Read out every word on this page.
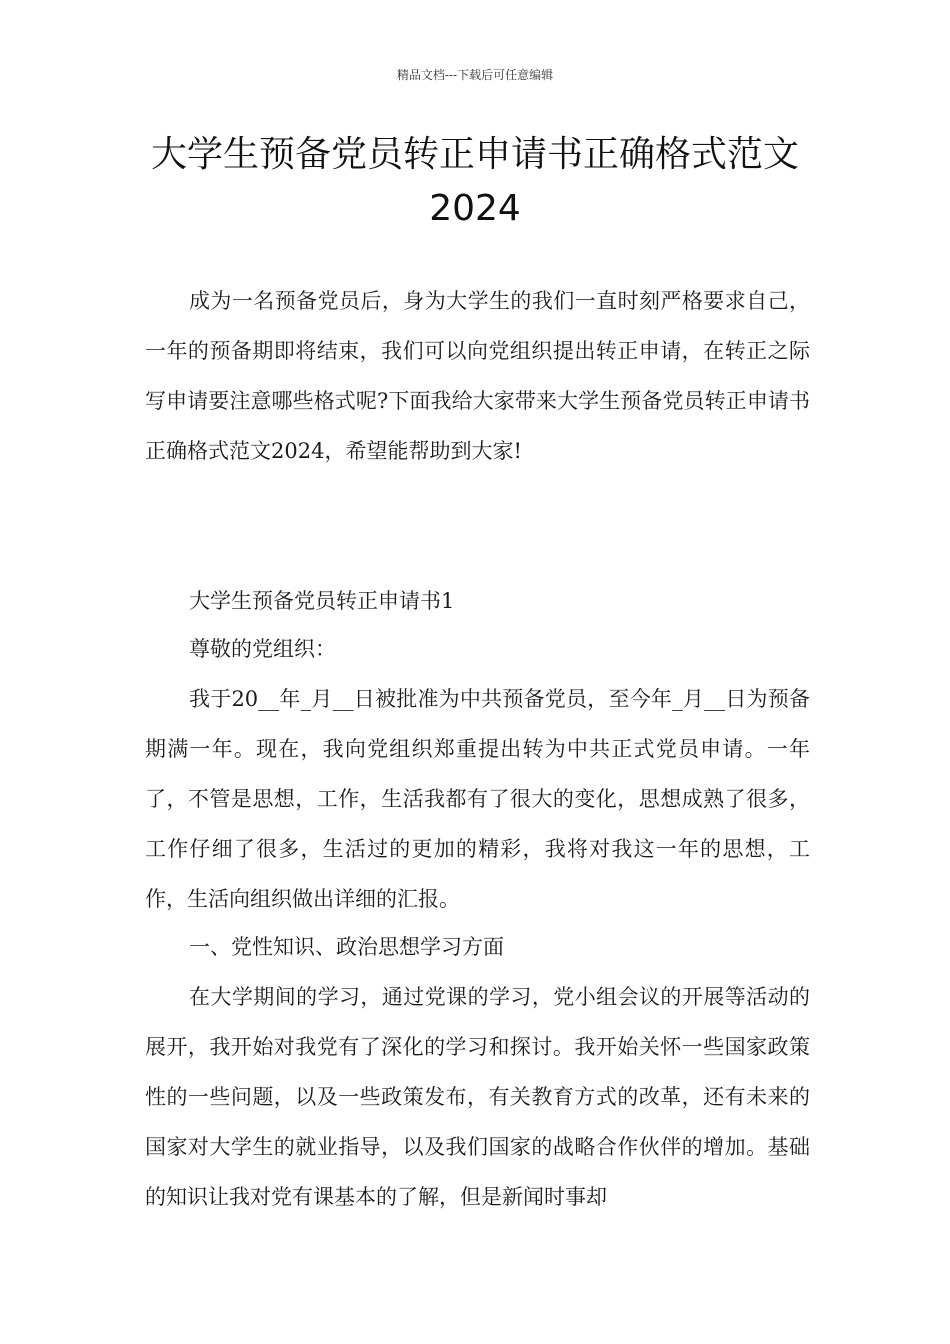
精品文档---下载后可任意编辑
大学生预备党员转正申请书正确格式范文2024

成为一名预备党员后，身为大学生的我们一直时刻严格要求自己，一年的预备期即将结束，我们可以向党组织提出转正申请，在转正之际写申请要注意哪些格式呢?下面我给大家带来大学生预备党员转正申请书正确格式范文2024，希望能帮助到大家!

大学生预备党员转正申请书1

尊敬的党组织：

我于20__年_月__日被批准为中共预备党员，至今年_月__日为预备期满一年。现在，我向党组织郑重提出转为中共正式党员申请。一年了，不管是思想，工作，生活我都有了很大的变化，思想成熟了很多，工作仔细了很多，生活过的更加的精彩，我将对我这一年的思想，工作，生活向组织做出详细的汇报。

一、党性知识、政治思想学习方面

在大学期间的学习，通过党课的学习，党小组会议的开展等活动的展开，我开始对我党有了深化的学习和探讨。我开始关怀一些国家政策性的一些问题，以及一些政策发布，有关教育方式的改革，还有未来的国家对大学生的就业指导，以及我们国家的战略合作伙伴的增加。基础的知识让我对党有课基本的了解，但是新闻时事却
